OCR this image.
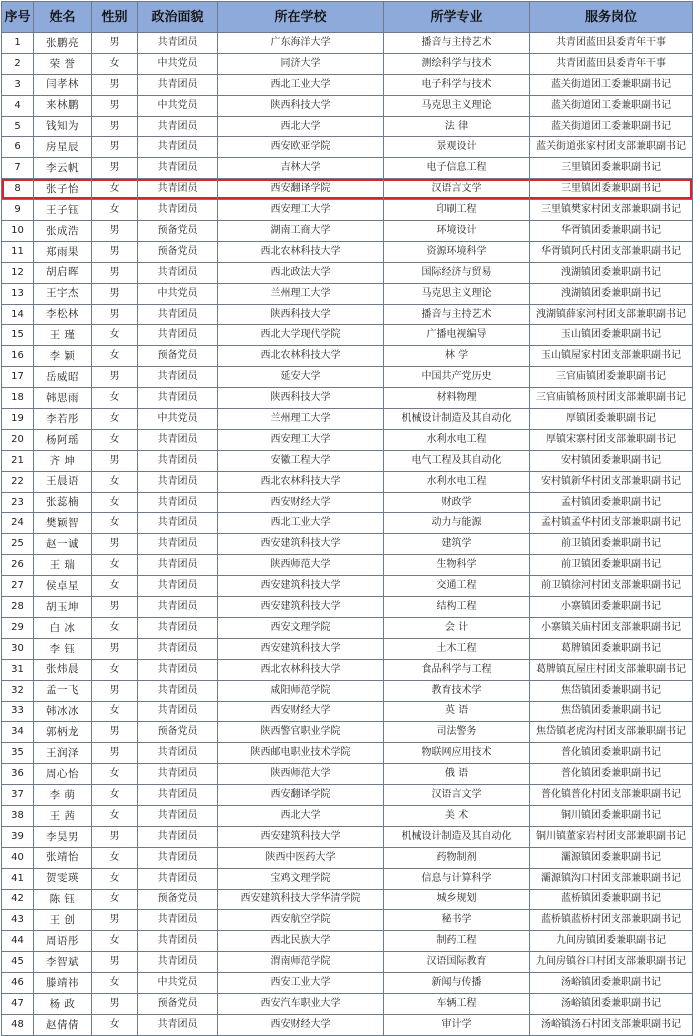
序号	姓名	性别	政治面貌	所在学校	所学专业	服务岗位
1	张鹏亮	男	共青团员	广东海洋大学	播音与主持艺术	共青团蓝田县委青年干事
2	荣 誉	女	中共党员	同济大学	测绘科学与技术	共青团蓝田县委青年干事
3	闫孝林	男	共青团员	西北工业大学	电子科学与技术	蓝关街道团工委兼职副书记
4	来林鹏	男	中共党员	陕西科技大学	马克思主义理论	蓝关街道团工委兼职副书记
5	钱知为	男	共青团员	西北大学	法 律	蓝关街道团工委兼职副书记
6	房星辰	男	共青团员	西安欧亚学院	景观设计	蓝关街道张家村团支部兼职副书记
7	李云帆	男	共青团员	吉林大学	电子信息工程	三里镇团委兼职副书记
8	张子怡	女	共青团员	西安翻译学院	汉语言文学	三里镇团委兼职副书记
9	王子钰	女	共青团员	西安理工大学	印刷工程	三里镇樊家村团支部兼职副书记
10	张成浩	男	预备党员	湖南工商大学	环境设计	华胥镇团委兼职副书记
11	郑雨果	男	预备党员	西北农林科技大学	资源环境科学	华胥镇阿氏村团支部兼职副书记
12	胡启晖	男	共青团员	西北政法大学	国际经济与贸易	洩湖镇团委兼职副书记
13	王宇杰	男	中共党员	兰州理工大学	马克思主义理论	洩湖镇团委兼职副书记
14	李松林	男	共青团员	陕西科技大学	播音与主持艺术	洩湖镇薛家河村团支部兼职副书记
15	王 瑾	女	共青团员	西北大学现代学院	广播电视编导	玉山镇团委兼职副书记
16	李 颖	女	预备党员	西北农林科技大学	林 学	玉山镇屋家村团支部兼职副书记
17	岳威昭	男	共青团员	延安大学	中国共产党历史	三官庙镇团委兼职副书记
18	韩思雨	女	共青团员	陕西科技大学	材料物理	三官庙镇杨顶村团支部兼职副书记
19	李若彤	女	中共党员	兰州理工大学	机械设计制造及其自动化	厚镇团委兼职副书记
20	杨阿瑶	女	共青团员	西安理工大学	水利水电工程	厚镇宋寨村团支部兼职副书记
21	齐 坤	男	共青团员	安徽工程大学	电气工程及其自动化	安村镇团委兼职副书记
22	王晨语	女	共青团员	西北农林科技大学	水利水电工程	安村镇新华村团支部兼职副书记
23	张蕊楠	女	共青团员	西安财经大学	财政学	孟村镇团委兼职副书记
24	樊颖智	女	共青团员	西北工业大学	动力与能源	孟村镇孟华村团支部兼职副书记
25	赵一诚	男	共青团员	西安建筑科技大学	建筑学	前卫镇团委兼职副书记
26	王 瑞	女	共青团员	陕西师范大学	生物科学	前卫镇团委兼职副书记
27	侯卓星	女	共青团员	西安建筑科技大学	交通工程	前卫镇徐河村团支部兼职副书记
28	胡玉坤	男	共青团员	西安建筑科技大学	结构工程	小寨镇团委兼职副书记
29	白 冰	女	共青团员	西安文理学院	会 计	小寨镇关庙村团支部兼职副书记
30	李 钰	男	共青团员	西安建筑科技大学	土木工程	葛牌镇团委兼职副书记
31	张炜晨	女	共青团员	西北农林科技大学	食品科学与工程	葛牌镇瓦屋庄村团支部兼职副书记
32	孟一飞	男	共青团员	咸阳师范学院	教育技术学	焦岱镇团委兼职副书记
33	韩冰冰	女	共青团员	西安财经大学	英 语	焦岱镇团委兼职副书记
34	郭柄龙	男	预备党员	陕西警官职业学院	司法警务	焦岱镇老虎沟村团支部兼职副书记
35	王润泽	男	共青团员	陕西邮电职业技术学院	物联网应用技术	普化镇团委兼职副书记
36	周心怡	女	共青团员	陕西师范大学	俄 语	普化镇团委兼职副书记
37	李 萌	女	共青团员	西安翻译学院	汉语言文学	普化镇普化村团支部兼职副书记
38	王 茜	女	共青团员	西北大学	美 术	铜川镇团委兼职副书记
39	李昊男	男	共青团员	西安建筑科技大学	机械设计制造及其自动化	铜川镇董家岩村团支部兼职副书记
40	张靖怡	女	共青团员	陕西中医药大学	药物制剂	灞源镇团委兼职副书记
41	贺雯瑛	女	共青团员	宝鸡文理学院	信息与计算科学	灞源镇沟口村团支部兼职副书记
42	陈 钰	女	预备党员	西安建筑科技大学华清学院	城乡规划	蓝桥镇团委兼职副书记
43	王 创	男	共青团员	西安航空学院	秘书学	蓝桥镇蓝桥村团支部兼职副书记
44	周语彤	女	共青团员	西北民族大学	制药工程	九间房镇团委兼职副书记
45	李智斌	男	共青团员	渭南师范学院	汉语国际教育	九间房镇谷口村团支部兼职副书记
46	滕靖祎	女	中共党员	西安工业大学	新闻与传播	汤峪镇团委兼职副书记
47	杨 政	男	预备党员	西安汽车职业大学	车辆工程	汤峪镇团委兼职副书记
48	赵倩倩	女	共青团员	西安财经大学	审计学	汤峪镇汤石村团支部兼职副书记
